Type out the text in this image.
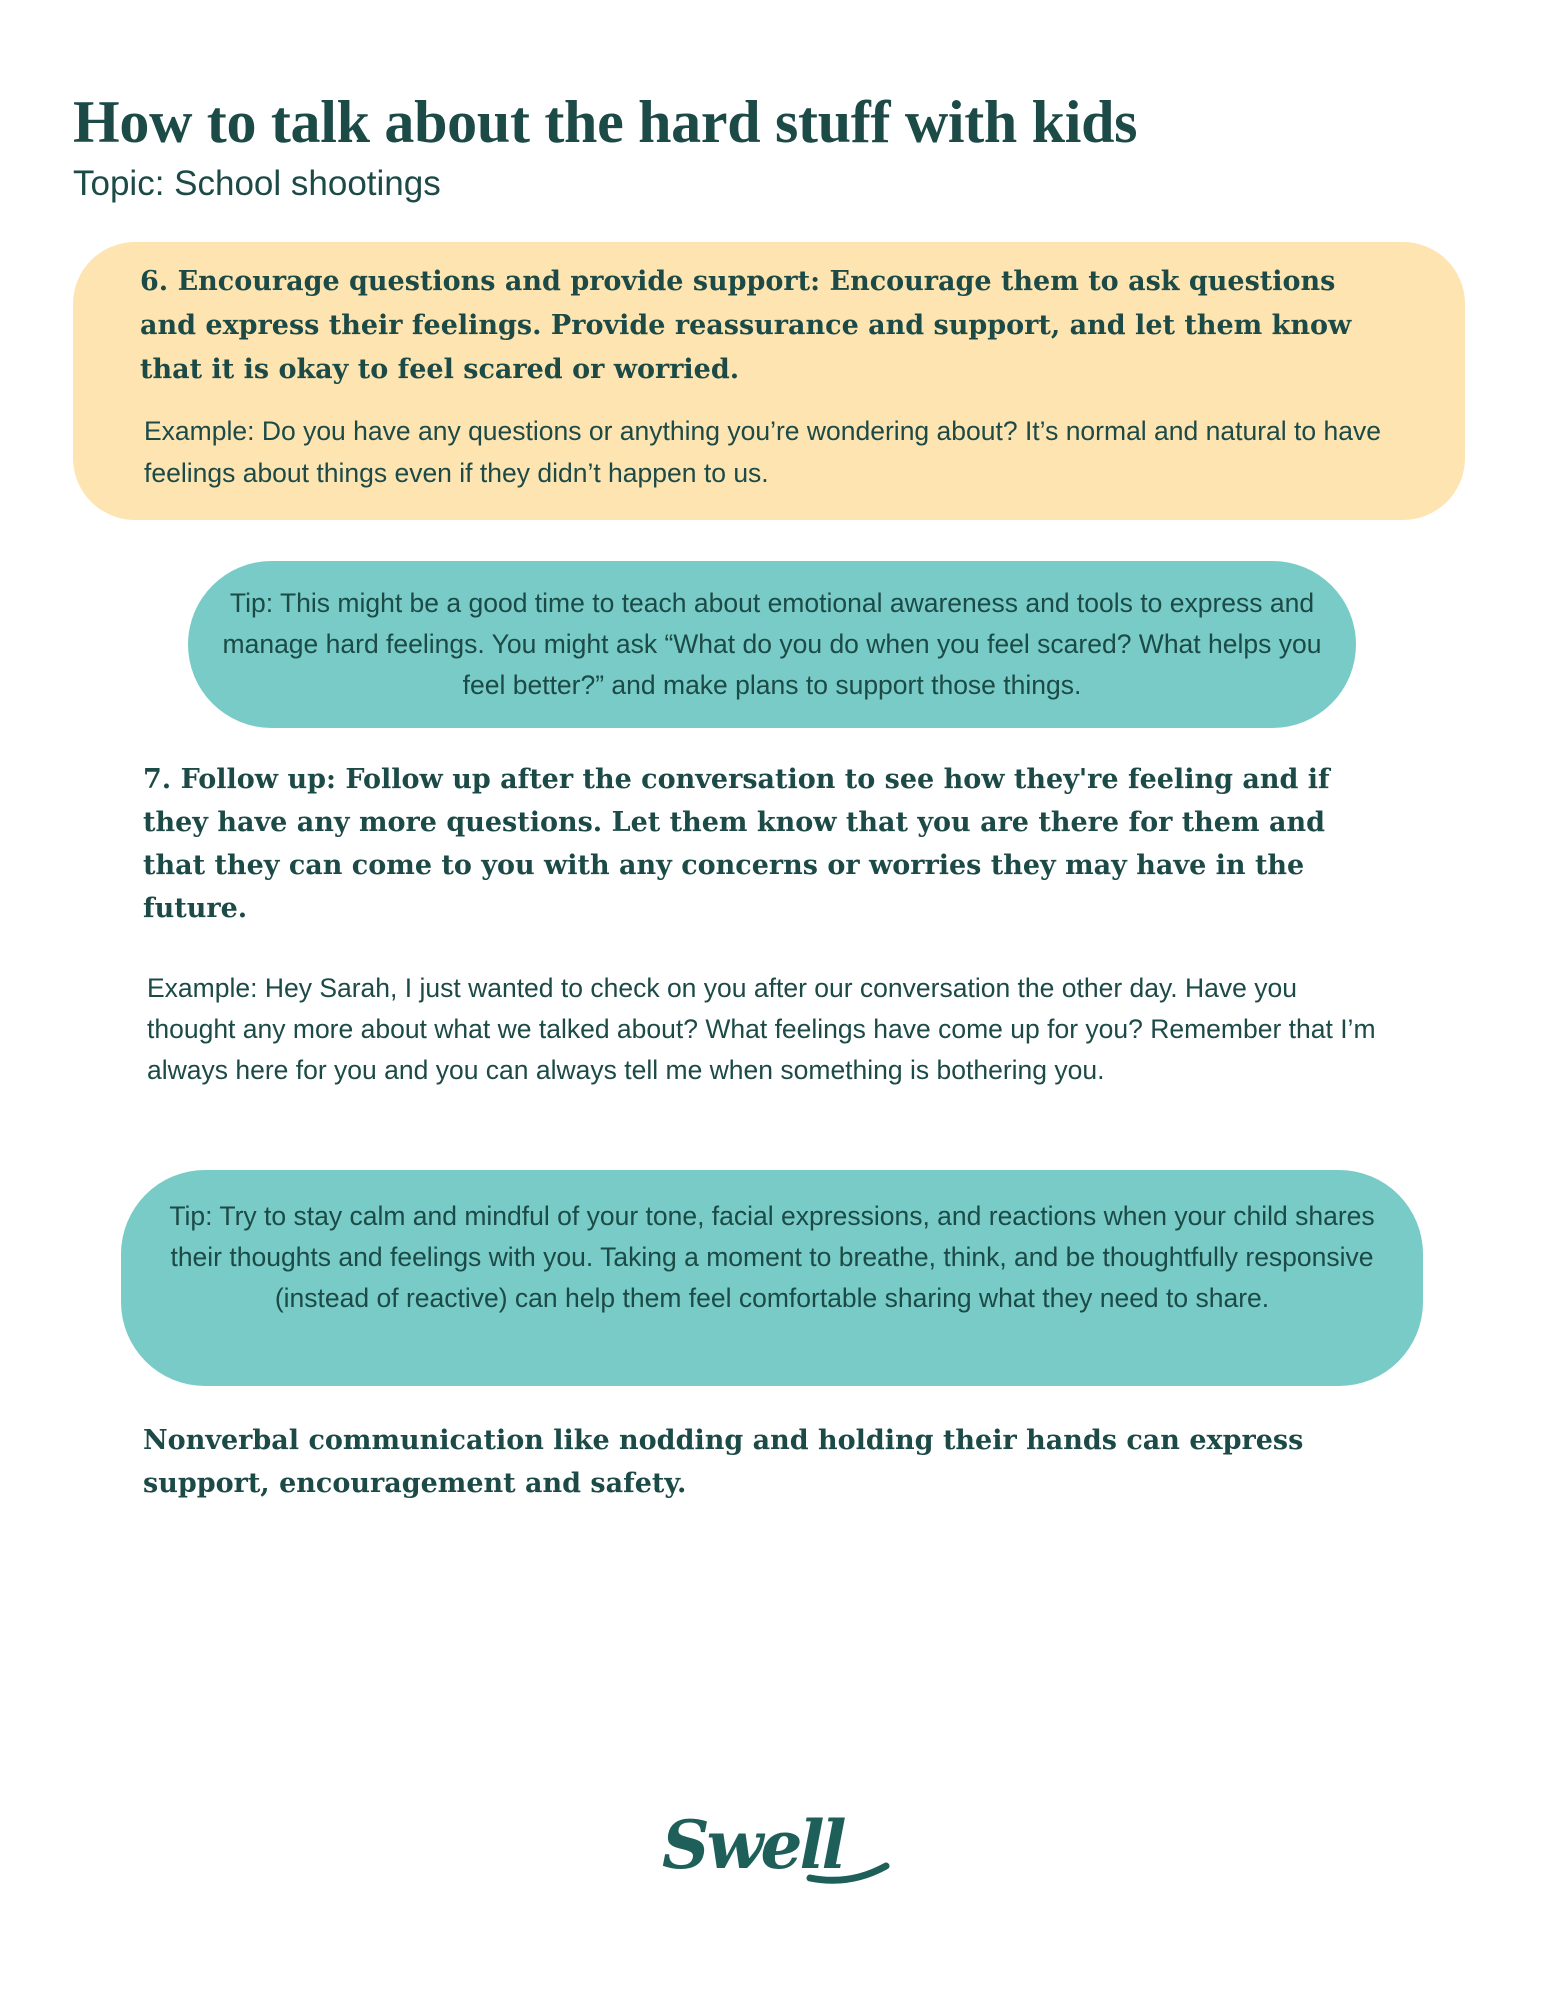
How to talk about the hard stuff with kids

Topic: School shootings

6. Encourage questions and provide support: Encourage them to ask questions and express their feelings. Provide reassurance and support, and let them know that it is okay to feel scared or worried.

Example: Do you have any questions or anything you’re wondering about? It’s normal and natural to have feelings about things even if they didn’t happen to us.

Tip: This might be a good time to teach about emotional awareness and tools to express and manage hard feelings. You might ask “What do you do when you feel scared? What helps you feel better?” and make plans to support those things.

7. Follow up: Follow up after the conversation to see how they're feeling and if they have any more questions. Let them know that you are there for them and that they can come to you with any concerns or worries they may have in the future.

Example: Hey Sarah, I just wanted to check on you after our conversation the other day. Have you thought any more about what we talked about? What feelings have come up for you? Remember that I’m always here for you and you can always tell me when something is bothering you.

Tip: Try to stay calm and mindful of your tone, facial expressions, and reactions when your child shares their thoughts and feelings with you. Taking a moment to breathe, think, and be thoughtfully responsive (instead of reactive) can help them feel comfortable sharing what they need to share.

Nonverbal communication like nodding and holding their hands can express support, encouragement and safety.

Swell
